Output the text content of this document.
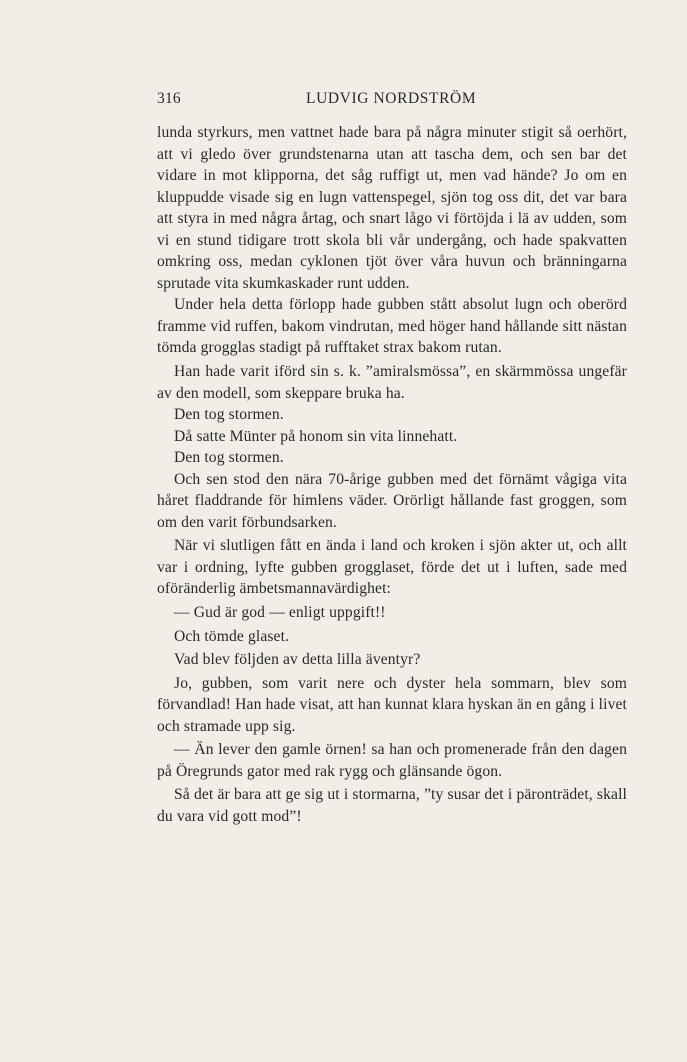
316	LUDVIG NORDSTRÖM

lunda styrkurs, men vattnet hade bara på några minuter stigit så oerhört, att vi gledo över grundstenarna utan att tascha dem, och sen bar det vidare in mot klipporna, det såg ruffigt ut, men vad hände? Jo om en kluppudde visade sig en lugn vattenspegel, sjön tog oss dit, det var bara att styra in med några årtag, och snart lågo vi förtöjda i lä av udden, som vi en stund tidigare trott skola bli vår undergång, och hade spakvatten omkring oss, medan cyklonen tjöt över våra huvun och bränningarna sprutade vita skumkaskader runt udden.

Under hela detta förlopp hade gubben stått absolut lugn och oberörd framme vid ruffen, bakom vindrutan, med höger hand hållande sitt nästan tömda grogglas stadigt på rufftaket strax bakom rutan.

Han hade varit iförd sin s. k. ”amiralsmössa”, en skärmmössa ungefär av den modell, som skeppare bruka ha.

Den tog stormen.

Då satte Münter på honom sin vita linnehatt.

Den tog stormen.

Och sen stod den nära 70-årige gubben med det förnämt vågiga vita håret fladdrande för himlens väder. Orörligt hållande fast groggen, som om den varit förbundsarken.

När vi slutligen fått en ända i land och kroken i sjön akter ut, och allt var i ordning, lyfte gubben grogglaset, förde det ut i luften, sade med oföränderlig ämbetsmannavärdighet:

— Gud är god — enligt uppgift!!

Och tömde glaset.

Vad blev följden av detta lilla äventyr?

Jo, gubben, som varit nere och dyster hela sommarn, blev som förvandlad! Han hade visat, att han kunnat klara hyskan än en gång i livet och stramade upp sig.

— Än lever den gamle örnen! sa han och promenerade från den dagen på Öregrunds gator med rak rygg och glänsande ögon.

Så det är bara att ge sig ut i stormarna, ”ty susar det i päronträdet, skall du vara vid gott mod”!
